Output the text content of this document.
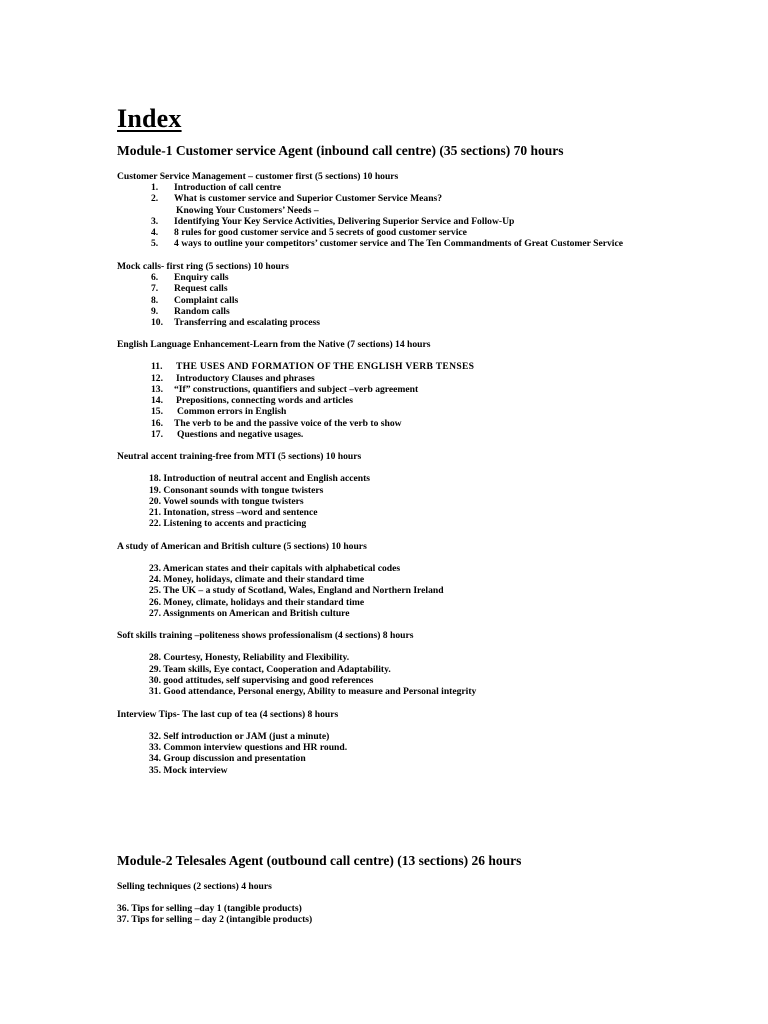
Index
Module-1 Customer service Agent (inbound call centre) (35 sections) 70 hours
Customer Service Management – customer first (5 sections) 10 hours
1.	Introduction of call centre
2.	What is customer service and Superior Customer Service Means?
Knowing Your Customers’ Needs –
3.	Identifying Your Key Service Activities, Delivering Superior Service and Follow-Up
4.	8 rules for good customer service and 5 secrets of good customer service
5.	4 ways to outline your competitors’ customer service and The Ten Commandments of Great Customer Service
Mock calls- first ring (5 sections) 10 hours
6.	Enquiry calls
7.	Request calls
8.	Complaint calls
9.	Random calls
10.	Transferring and escalating process
English Language Enhancement-Learn from the Native (7 sections) 14 hours
11.	THE USES AND FORMATION OF THE ENGLISH VERB TENSES
12.	Introductory Clauses and phrases
13.	“If” constructions, quantifiers and subject –verb agreement
14.	Prepositions, connecting words and articles
15.	Common errors in English
16.	The verb to be and the passive voice of the verb to show
17.	Questions and negative usages.
Neutral accent training-free from MTI (5 sections) 10 hours
18. Introduction of neutral accent and English accents
19. Consonant sounds with tongue twisters
20. Vowel sounds with tongue twisters
21. Intonation, stress –word and sentence
22. Listening to accents and practicing
A study of American and British culture (5 sections) 10 hours
23. American states and their capitals with alphabetical codes
24. Money, holidays, climate and their standard time
25. The UK – a study of Scotland, Wales, England and Northern Ireland
26. Money, climate, holidays and their standard time
27. Assignments on American and British culture
Soft skills training –politeness shows professionalism (4 sections) 8 hours
28. Courtesy, Honesty, Reliability and Flexibility.
29. Team skills, Eye contact, Cooperation and Adaptability.
30. good attitudes, self supervising and good references
31. Good attendance, Personal energy, Ability to measure and Personal integrity
Interview Tips- The last cup of tea (4 sections) 8 hours
32. Self introduction or JAM (just a minute)
33. Common interview questions and HR round.
34. Group discussion and presentation
35. Mock interview
Module-2 Telesales Agent (outbound call centre) (13 sections) 26 hours
Selling techniques (2 sections) 4 hours
36. Tips for selling –day 1 (tangible products)
37. Tips for selling – day 2 (intangible products)
